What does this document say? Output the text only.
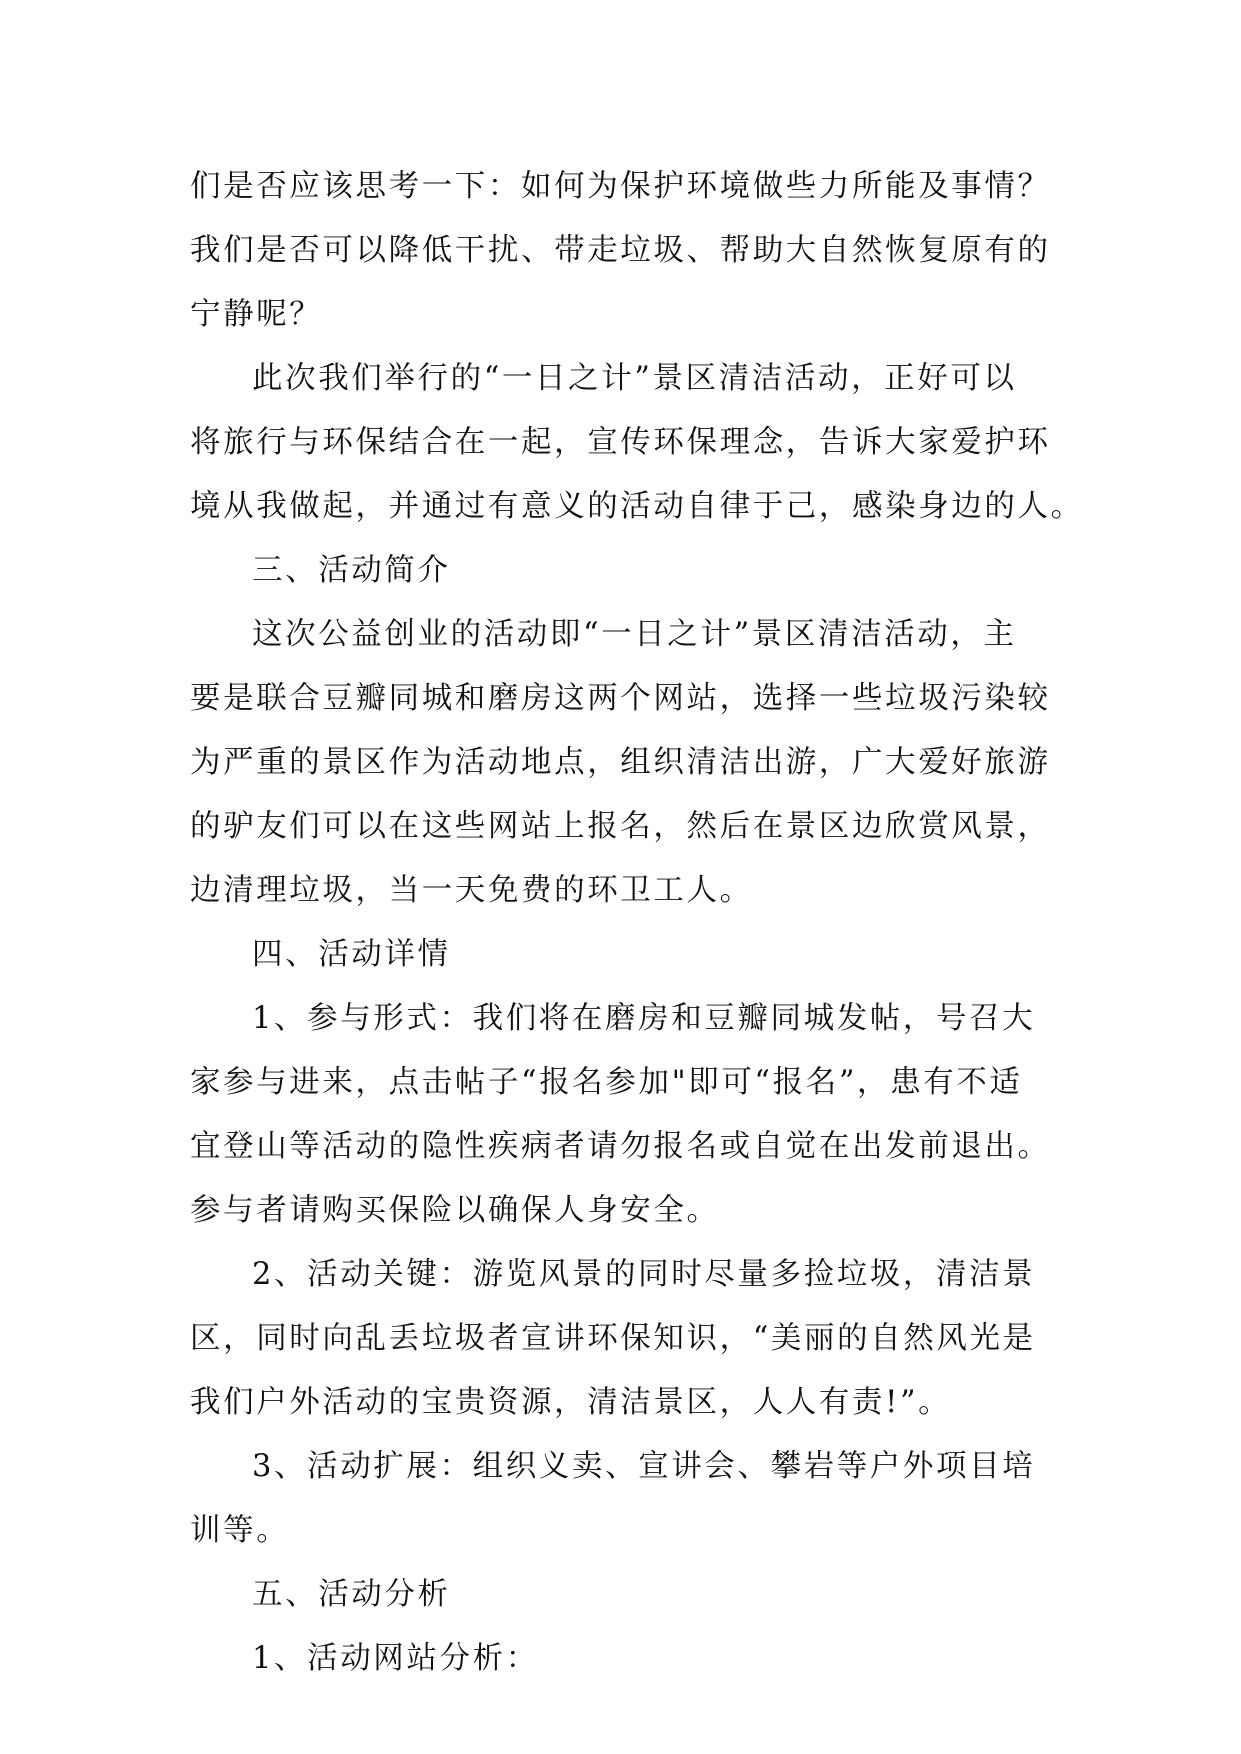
们是否应该思考一下：如何为保护环境做些力所能及事情？
我们是否可以降低干扰、带走垃圾、帮助大自然恢复原有的
宁静呢？
此次我们举行的“一日之计”景区清洁活动，正好可以
将旅行与环保结合在一起，宣传环保理念，告诉大家爱护环
境从我做起，并通过有意义的活动自律于己，感染身边的人。
三、活动简介
这次公益创业的活动即“一日之计”景区清洁活动，主
要是联合豆瓣同城和磨房这两个网站，选择一些垃圾污染较
为严重的景区作为活动地点，组织清洁出游，广大爱好旅游
的驴友们可以在这些网站上报名，然后在景区边欣赏风景，
边清理垃圾，当一天免费的环卫工人。
四、活动详情
1、参与形式：我们将在磨房和豆瓣同城发帖，号召大
家参与进来，点击帖子“报名参加"即可“报名”，患有不适
宜登山等活动的隐性疾病者请勿报名或自觉在出发前退出。
参与者请购买保险以确保人身安全。
2、活动关键：游览风景的同时尽量多捡垃圾，清洁景
区，同时向乱丢垃圾者宣讲环保知识，“美丽的自然风光是
我们户外活动的宝贵资源，清洁景区，人人有责!”。
3、活动扩展：组织义卖、宣讲会、攀岩等户外项目培
训等。
五、活动分析
1、活动网站分析：
